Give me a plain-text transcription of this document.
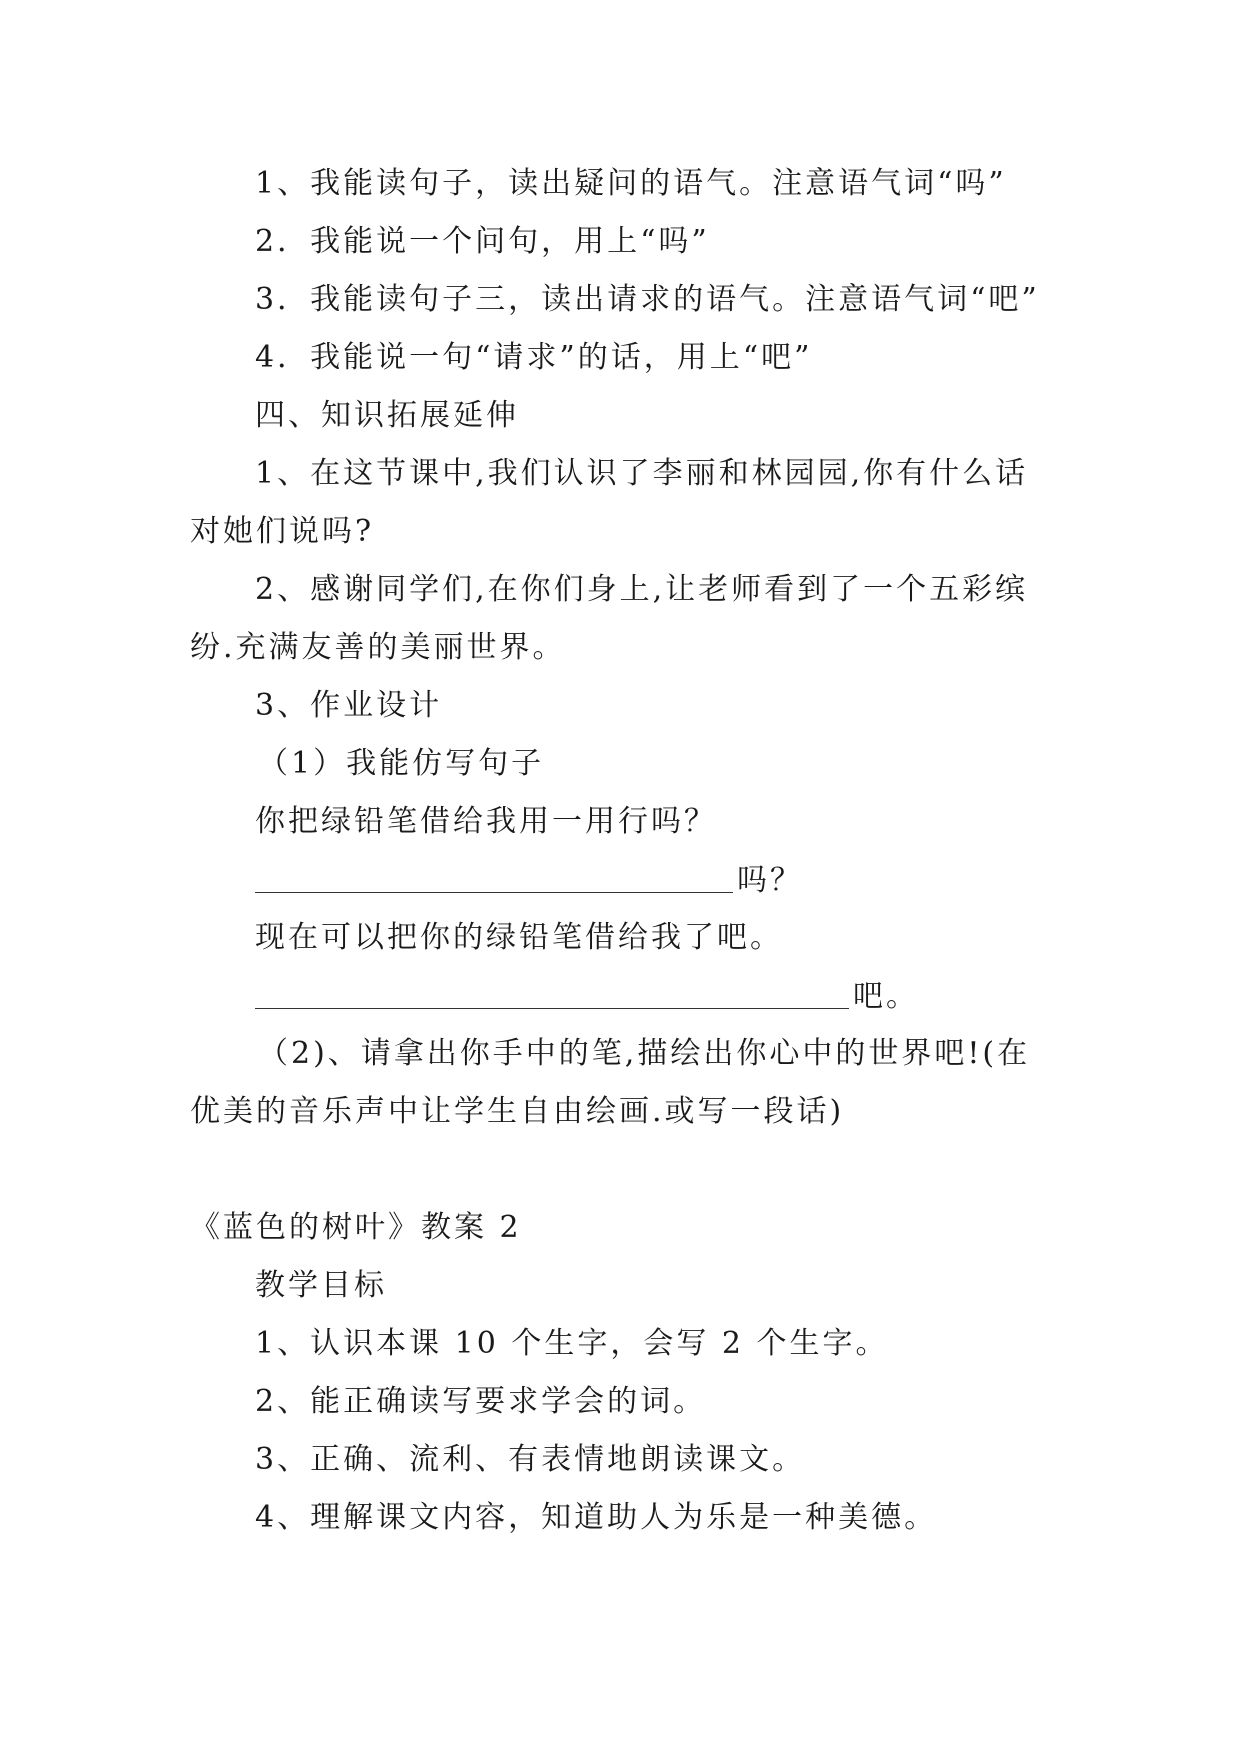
1、我能读句子，读出疑问的语气。注意语气词“吗”
2．我能说一个问句，用上“吗”
3．我能读句子三，读出请求的语气。注意语气词“吧”
4．我能说一句“请求”的话，用上“吧”
四、知识拓展延伸
1、在这节课中,我们认识了李丽和林园园,你有什么话
对她们说吗?
2、感谢同学们,在你们身上,让老师看到了一个五彩缤
纷.充满友善的美丽世界。
3、作业设计
（1）我能仿写句子
你把绿铅笔借给我用一用行吗？
吗？
现在可以把你的绿铅笔借给我了吧。
吧。
（2)、请拿出你手中的笔,描绘出你心中的世界吧!(在
优美的音乐声中让学生自由绘画.或写一段话)
《蓝色的树叶》教案 2
教学目标
1、认识本课 10 个生字，会写 2 个生字。
2、能正确读写要求学会的词。
3、正确、流利、有表情地朗读课文。
4、理解课文内容，知道助人为乐是一种美德。
